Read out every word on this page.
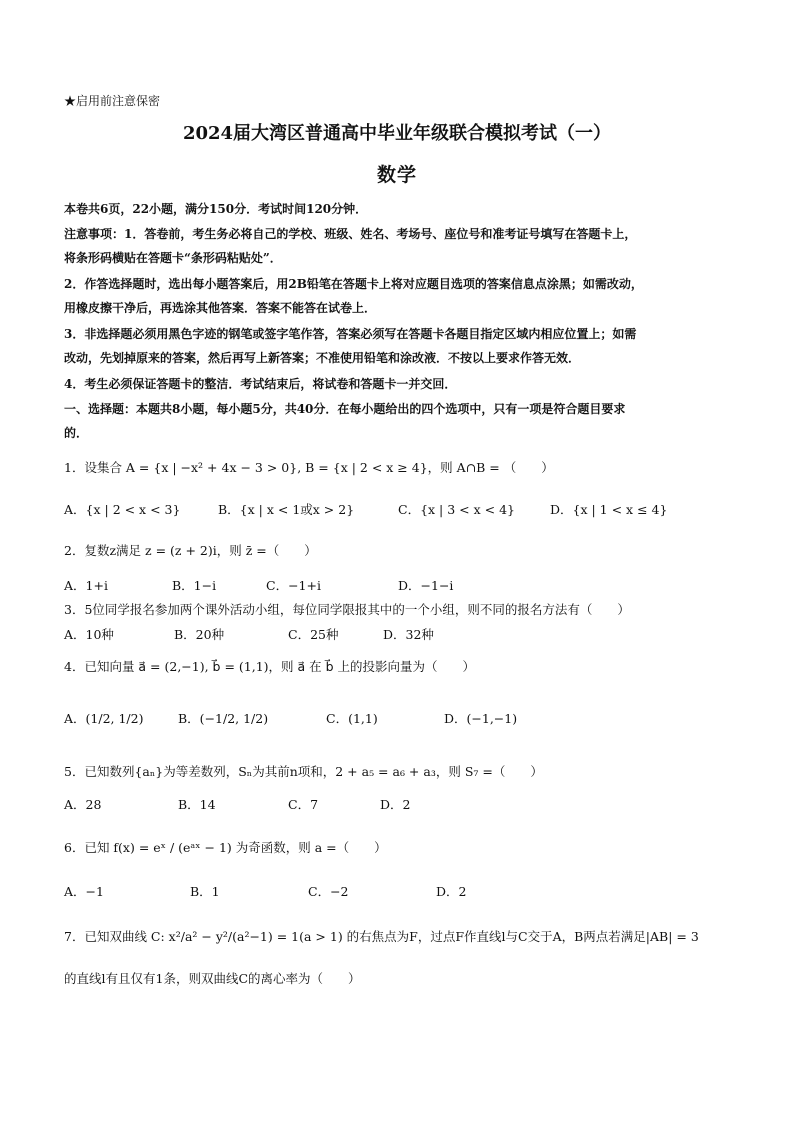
★启用前注意保密
2024届大湾区普通高中毕业年级联合模拟考试（一）
数学
本卷共6页，22小题，满分150分．考试时间120分钟．
注意事项：1．答卷前，考生务必将自己的学校、班级、姓名、考场号、座位号和准考证号填写在答题卡上，
将条形码横贴在答题卡“条形码粘贴处”．
2．作答选择题时，选出每小题答案后，用2B铅笔在答题卡上将对应题目选项的答案信息点涂黑；如需改动，
用橡皮擦干净后，再选涂其他答案．答案不能答在试卷上．
3．非选择题必须用黑色字迹的钢笔或签字笔作答，答案必须写在答题卡各题目指定区域内相应位置上；如需
改动，先划掉原来的答案，然后再写上新答案；不准使用铅笔和涂改液．不按以上要求作答无效．
4．考生必须保证答题卡的整洁．考试结束后，将试卷和答题卡一并交回．
一、选择题：本题共8小题，每小题5分，共40分．在每小题给出的四个选项中，只有一项是符合题目要求
的．
1．设集合 A = {x | −x² + 4x − 3 > 0}, B = {x | 2 < x ≥ 4}，则 A∩B = （　　）
A．{x | 2 < x < 3}	B．{x | x < 1或x > 2}	C．{x | 3 < x < 4}	D．{x | 1 < x ≤ 4}
2．复数z满足 z = (z + 2)i，则 z̄ =（　　）
A．1+i	B．1−i	C．−1+i	D．−1−i
3．5位同学报名参加两个课外活动小组，每位同学限报其中的一个小组，则不同的报名方法有（　　）
A．10种	B．20种	C．25种	D．32种
4．已知向量 a⃗ = (2,−1), b⃗ = (1,1)，则 a⃗ 在 b⃗ 上的投影向量为（　　）
A．(1/2, 1/2)	B．(−1/2, 1/2)	C．(1,1)	D．(−1,−1)
5．已知数列{aₙ}为等差数列，Sₙ为其前n项和，2 + a₅ = a₆ + a₃，则 S₇ =（　　）
A．28	B．14	C．7	D．2
6．已知 f(x) = eˣ / (eᵃˣ − 1) 为奇函数，则 a =（　　）
A．−1	B．1	C．−2	D．2
7．已知双曲线 C: x²/a² − y²/(a²−1) = 1(a > 1) 的右焦点为F，过点F作直线l与C交于A，B两点若满足|AB| = 3
的直线l有且仅有1条，则双曲线C的离心率为（　　）
